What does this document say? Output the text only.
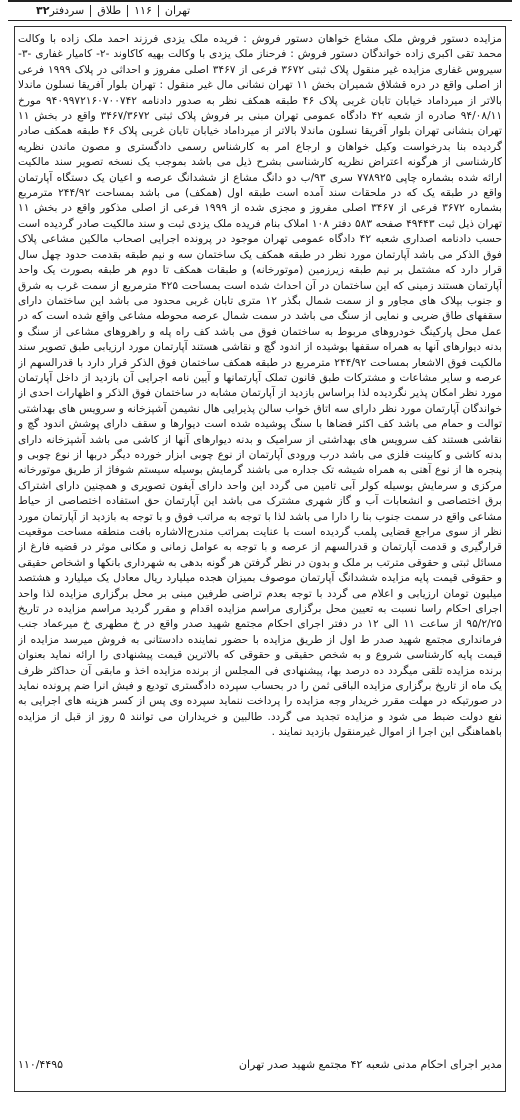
۳۲ سردفتر طلاق ۱۱۶ تهران
مزایده دستور فروش ملک مشاع خواهان دستور فروش : فریده ملک یزدی فرزند احمد ملک زاده با وکالت محمد تقی اکبری زاده خواندگان دستور فروش : فرحناز ملک یزدی با وکالت بهیه کاکاوند -۲- کامیار غفاری -۳- سیروس غفاری مزایده غیر منقول پلاک ثبتی ۳۶۷۲ فرعی از ۳۴۶۷ اصلی مفروز و احداثی در پلاک ۱۹۹۹ فرعی از اصلی واقع در دره قشلاق شمیران بخش ۱۱ تهران نشانی مال غیر منقول : تهران بلوار آفریقا نسلون ماندلا بالاتر از میرداماد خیابان تابان غربی پلاک ۴۶ طبقه همکف نظر به صدور دادنامه ۹۴۰۹۹۷۲۱۶۰۷۰۰۷۴۲ مورخ ۹۴/۰۸/۱۱ صادره از شعبه ۴۲ دادگاه عمومی تهران مبنی بر فروش پلاک ثبتی ۳۴۶۷/۳۶۷۲ واقع در بخش ۱۱ تهران بنشانی تهران بلوار آفریقا نسلون ماندلا بالاتر از میرداماد خیابان تابان غربی پلاک ۴۶ طبقه همکف صادر گردیده بنا بدرخواست وکیل خواهان و ارجاع امر به کارشناس رسمی دادگستری و مصون ماندن نظریه کارشناسی از هرگونه اعتراض نظریه کارشناسی بشرح ذیل می باشد بموجب یک نسخه تصویر سند مالکیت ارائه شده بشماره چاپی ۷۷۸۹۲۵ سری ۹۳/ب دو دانگ مشاع از ششدانگ عرصه و اعیان یک دستگاه آپارتمان واقع در طبقه یک که در ملحقات سند آمده است طبقه اول (همکف) می باشد بمساحت ۲۴۴/۹۲ مترمربع بشماره ۳۶۷۲ فرعی از ۳۴۶۷ اصلی مفروز و مجزی شده از ۱۹۹۹ فرعی از اصلی مذکور واقع در بخش ۱۱ تهران ذیل ثبت ۴۹۴۴۳ صفحه ۵۸۳ دفتر ۱۰۸ املاک بنام فریده ملک یزدی ثبت و سند مالکیت صادر گردیده است حسب دادنامه اصداری شعبه ۴۲ دادگاه عمومی تهران موجود در پرونده اجرایی اصحاب مالکین مشاعی پلاک فوق الذکر می باشد آپارتمان مورد نظر در طبقه همکف یک ساختمان سه و نیم طبقه بقدمت حدود چهل سال قرار دارد که مشتمل بر نیم طبقه زیرزمین (موتورخانه) و طبقات همکف تا دوم هر طبقه بصورت یک واحد آپارتمان هستند زمینی که این ساختمان در آن احداث شده است بمساحت ۴۲۵ مترمربع از سمت غرب به شرق و جنوب بپلاک های مجاور و از سمت شمال بگذر ۱۲ متری تابان غربی محدود می باشد این ساختمان دارای سقفهای طاق ضربی و نمایی از سنگ می باشد در سمت شمال عرصه محوطه مشاعی واقع شده است که در عمل محل پارکینگ خودروهای مربوط به ساختمان فوق می باشد کف راه پله و راهروهای مشاعی از سنگ و بدنه دیوارهای آنها به همراه سقفها بوشیده از اندود گچ و نقاشی هستند آپارتمان مورد ارزیابی طبق تصویر سند مالکیت فوق الاشعار بمساحت ۲۴۴/۹۲ مترمربع در طبقه همکف ساختمان فوق الذکر قرار دارد با قدرالسهم از عرصه و سایر مشاعات و مشترکات طبق قانون تملک آپارتمانها و آیین نامه اجرایی آن بازدید از داخل آپارتمان مورد نظر امکان پذیر نگردیده لذا براساس بازدید از آپارتمان مشابه در ساختمان فوق الذکر و اظهارات احدی از خواندگان آپارتمان مورد نظر دارای سه اتاق خواب سالن پذیرایی هال نشیمن آشپزخانه و سرویس های بهداشتی توالت و حمام می باشد کف اکثر فضاها با سنگ پوشیده شده است دیوارها و سقف دارای پوشش اندود گچ و نقاشی هستند کف سرویس های بهداشتی از سرامیک و بدنه دیوارهای آنها از کاشی می باشد آشپزخانه دارای بدنه کاشی و کابینت فلزی می باشد درب ورودی آپارتمان از نوع چوبی ابزار خورده دیگر دربها از نوع چوبی و پنجره ها از نوع آهنی به همراه شیشه تک جداره می باشند گرمایش بوسیله سیستم شوفاژ از طریق موتورخانه مرکزی و سرمایش بوسیله کولر آبی تامین می گردد این واحد دارای آیفون تصویری و همچنین دارای اشتراک برق اختصاصی و انشعابات آب و گاز شهری مشترک می باشد این آپارتمان حق استفاده اختصاصی از حیاط مشاعی واقع در سمت جنوب بنا را دارا می باشد لذا با توجه به مراتب فوق و با توجه به بازدید از آپارتمان مورد نظر از سوی مراجع قضایی پلمب گردیده است با عنایت بمراتب مندرج‌الاشاره بافت منطقه مساحت موقعیت قرارگیری و قدمت آپارتمان و قدرالسهم از عرصه و با توجه به عوامل زمانی و مکانی موثر در قضیه فارغ از مسائل ثبتی و حقوقی مترتب بر ملک و بدون در نظر گرفتن هر گونه بدهی به شهرداری بانکها و اشخاص حقیقی و حقوقی قیمت پایه مزایده ششدانگ آپارتمان موصوف بمیزان هجده میلیارد ریال معادل یک میلیارد و هشتصد میلیون تومان ارزیابی و اعلام می گردد با توجه بعدم تراضی طرفین مبنی بر محل برگزاری مزایده لذا واحد اجرای احکام راسا نسبت به تعیین محل برگزاری مراسم مزایده اقدام و مقرر گردید مراسم مزایده در تاریخ ۹۵/۲/۲۵ از ساعت ۱۱ الی ۱۲ در دفتر اجرای احکام مجتمع شهید صدر واقع در خ مطهری خ میرعماد جنب فرمانداری مجتمع شهید صدر ط اول از طریق مزایده با حضور نماینده دادستانی به فروش میرسد مزایده از قیمت پایه کارشناسی شروع و به شخص حقیقی و حقوقی که بالاترین قیمت پیشنهادی را ارائه نماید بعنوان برنده مزایده تلقی میگردد ده درصد بها، پیشنهادی فی المجلس از برنده مزایده اخذ و مابقی آن حداکثر ظرف یک ماه از تاریخ برگزاری مزایده الباقی ثمن را در بحساب سپرده دادگستری تودیع و فیش انرا ضم پرونده نماید در صورتیکه در مهلت مقرر خریدار وجه مزایده را پرداخت ننماید سپرده وی پس از کسر هزینه های اجرایی به نفع دولت ضبط می شود و مزایده تجدید می گردد. طالبین و خریداران می توانند ۵ روز از قبل از مزایده باهماهنگی این اجرا از اموال غیرمنقول بازدید نمایند .
مدیر اجرای احکام مدنی شعبه ۴۲ مجتمع شهید صدر تهران
۱۱۰/۴۴۹۵
